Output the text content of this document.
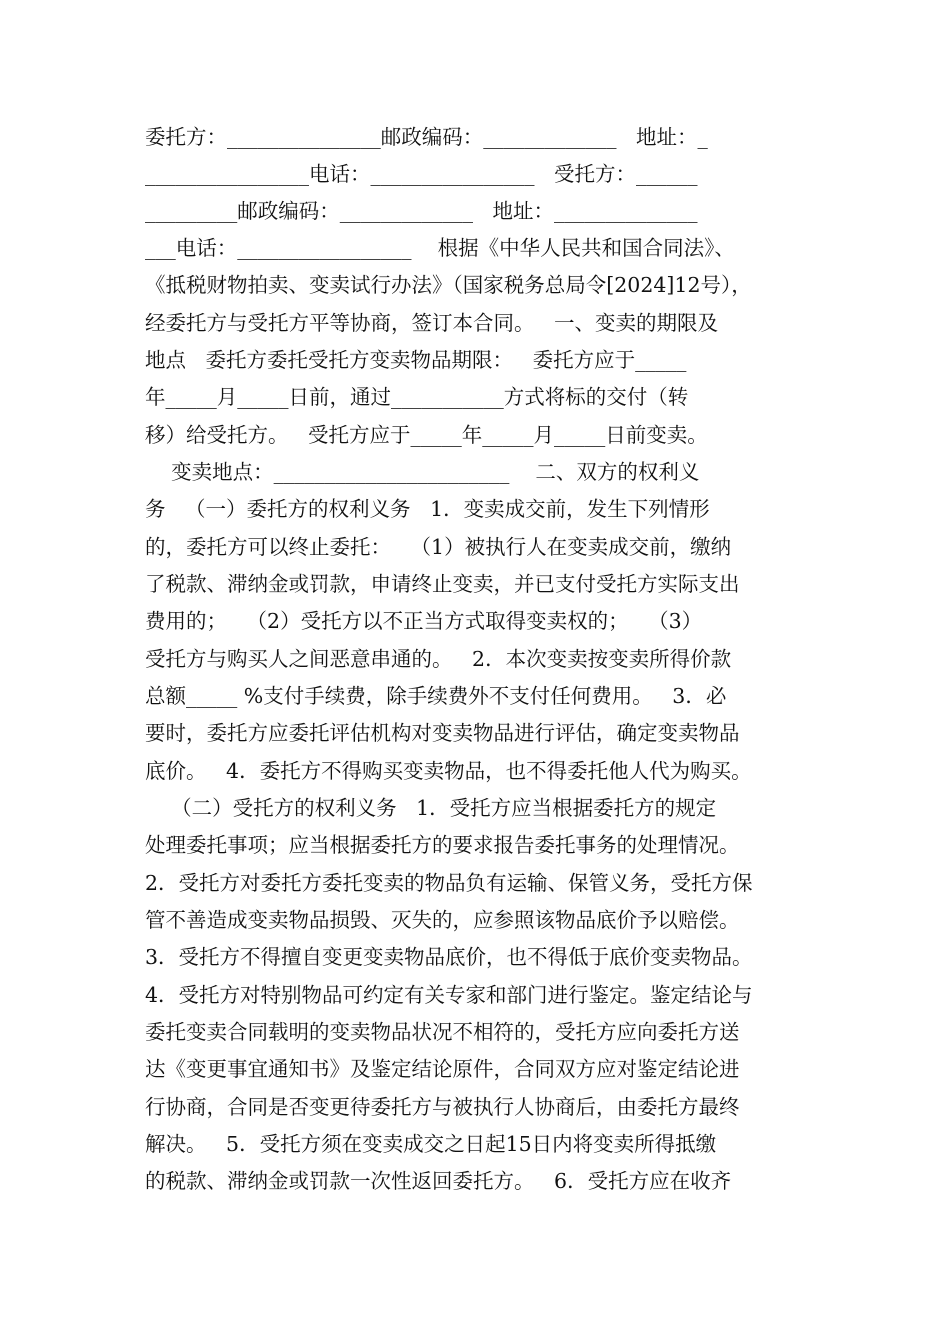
委托方：_______________邮政编码：_____________   地址：_
________________电话：________________   受托方：______
_________邮政编码：_____________   地址：______________
___电话：_________________    根据《中华人民共和国合同法》、
《抵税财物拍卖、变卖试行办法》（国家税务总局令[2024]12号），
经委托方与受托方平等协商，签订本合同。   一、变卖的期限及
地点   委托方委托受托方变卖物品期限：   委托方应于_____
年_____月_____日前，通过___________方式将标的交付（转
移）给受托方。   受托方应于_____年_____月_____日前变卖。
变卖地点：_______________________    二、双方的权利义
务   （一）委托方的权利义务   1．变卖成交前，发生下列情形
的，委托方可以终止委托：   （1）被执行人在变卖成交前，缴纳
了税款、滞纳金或罚款，申请终止变卖，并已支付受托方实际支出
费用的；   （2）受托方以不正当方式取得变卖权的；   （3）
受托方与购买人之间恶意串通的。   2．本次变卖按变卖所得价款
总额_____ %支付手续费，除手续费外不支付任何费用。   3．必
要时，委托方应委托评估机构对变卖物品进行评估，确定变卖物品
底价。   4．委托方不得购买变卖物品，也不得委托他人代为购买。
（二）受托方的权利义务   1．受托方应当根据委托方的规定
处理委托事项；应当根据委托方的要求报告委托事务的处理情况。
2．受托方对委托方委托变卖的物品负有运输、保管义务，受托方保
管不善造成变卖物品损毁、灭失的，应参照该物品底价予以赔偿。
3．受托方不得擅自变更变卖物品底价，也不得低于底价变卖物品。
4．受托方对特别物品可约定有关专家和部门进行鉴定。鉴定结论与
委托变卖合同载明的变卖物品状况不相符的，受托方应向委托方送
达《变更事宜通知书》及鉴定结论原件，合同双方应对鉴定结论进
行协商，合同是否变更待委托方与被执行人协商后，由委托方最终
解决。   5．受托方须在变卖成交之日起15日内将变卖所得抵缴
的税款、滞纳金或罚款一次性返回委托方。   6．受托方应在收齐
